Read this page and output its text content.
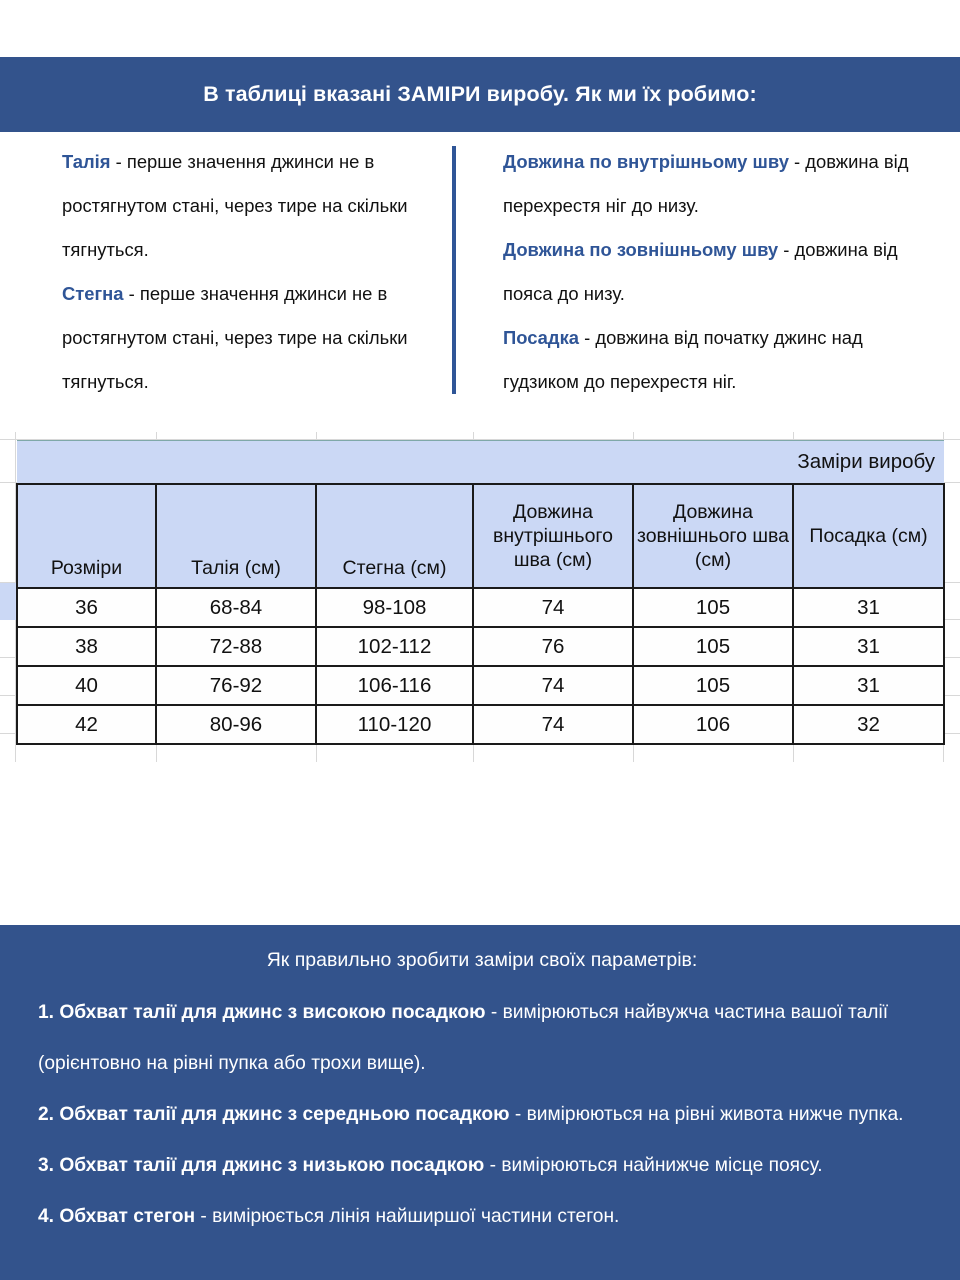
В таблиці вказані ЗАМІРИ виробу. Як ми їх робимо:

Талія - перше значення джинси не в ростягнутом стані, через тире на скільки тягнуться.

Стегна - перше значення джинси не в ростягнутом стані, через тире на скільки тягнуться.

Довжина по внутрішньому шву - довжина від перехрестя ніг до низу.

Довжина по зовнішньому шву - довжина від пояса до низу.

Посадка - довжина від початку джинс над гудзиком до перехрестя ніг.

Заміри виробу					
Розміри	Талія (см)	Стегна (см)	Довжина внутрішнього шва (см)	Довжина зовнішнього шва (см)	Посадка (см)
36	68-84	98-108	74	105	31
38	72-88	102-112	76	105	31
40	76-92	106-116	74	105	31
42	80-96	110-120	74	106	32

Як правильно зробити заміри своїх параметрів:

1. Обхват талії для джинс з високою посадкою - вимірюються найвужча частина вашої талії (орієнтовно на рівні пупка або трохи вище).

2. Обхват талії для джинс з середньою посадкою - вимірюються на рівні живота нижче пупка.

3. Обхват талії для джинс з низькою посадкою - вимірюються найнижче місце поясу.

4. Обхват стегон - вимірюється лінія найширшої частини стегон.
